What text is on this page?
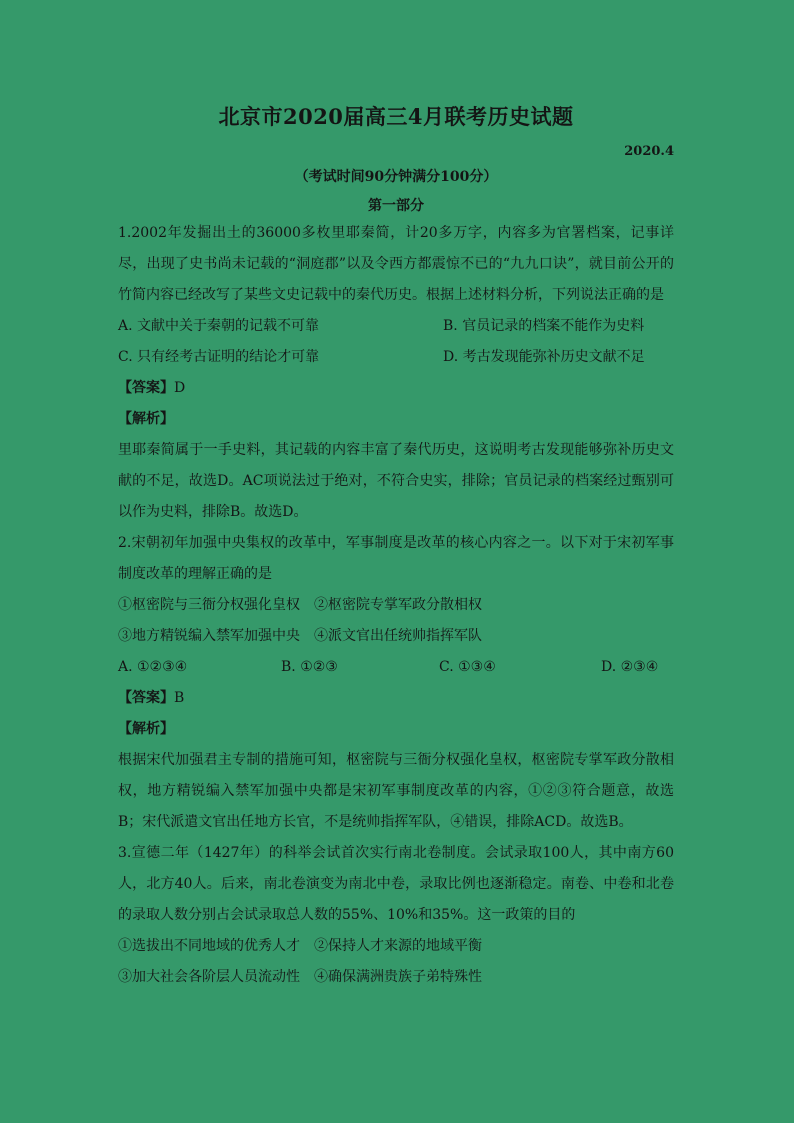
北京市2020届高三4月联考历史试题
2020.4
（考试时间90分钟满分100分）
第一部分

1.2002年发掘出土的36000多枚里耶秦简，计20多万字，内容多为官署档案，记事详尽，出现了史书尚未记载的“洞庭郡”以及令西方都震惊不已的“九九口诀”，就目前公开的竹简内容已经改写了某些文史记载中的秦代历史。根据上述材料分析，下列说法正确的是

A. 文献中关于秦朝的记载不可靠	B. 官员记录的档案不能作为史料
C. 只有经考古证明的结论才可靠	D. 考古发现能弥补历史文献不足
【答案】D
【解析】

里耶秦简属于一手史料，其记载的内容丰富了秦代历史，这说明考古发现能够弥补历史文献的不足，故选D。AC项说法过于绝对，不符合史实，排除；官员记录的档案经过甄别可以作为史料，排除B。故选D。

2.宋朝初年加强中央集权的改革中，军事制度是改革的核心内容之一。以下对于宋初军事制度改革的理解正确的是

①枢密院与三衙分权强化皇权 ②枢密院专掌军政分散相权
③地方精锐编入禁军加强中央 ④派文官出任统帅指挥军队
A. ①②③④	B. ①②③	C. ①③④	D. ②③④
【答案】B
【解析】

根据宋代加强君主专制的措施可知，枢密院与三衙分权强化皇权，枢密院专掌军政分散相权，地方精锐编入禁军加强中央都是宋初军事制度改革的内容，①②③符合题意，故选B；宋代派遣文官出任地方长官，不是统帅指挥军队，④错误，排除ACD。故选B。

3.宣德二年（1427年）的科举会试首次实行南北卷制度。会试录取100人，其中南方60人，北方40人。后来，南北卷演变为南北中卷，录取比例也逐渐稳定。南卷、中卷和北卷的录取人数分别占会试录取总人数的55%、10%和35%。这一政策的目的

①选拔出不同地域的优秀人才 ②保持人才来源的地域平衡
③加大社会各阶层人员流动性 ④确保满洲贵族子弟特殊性
